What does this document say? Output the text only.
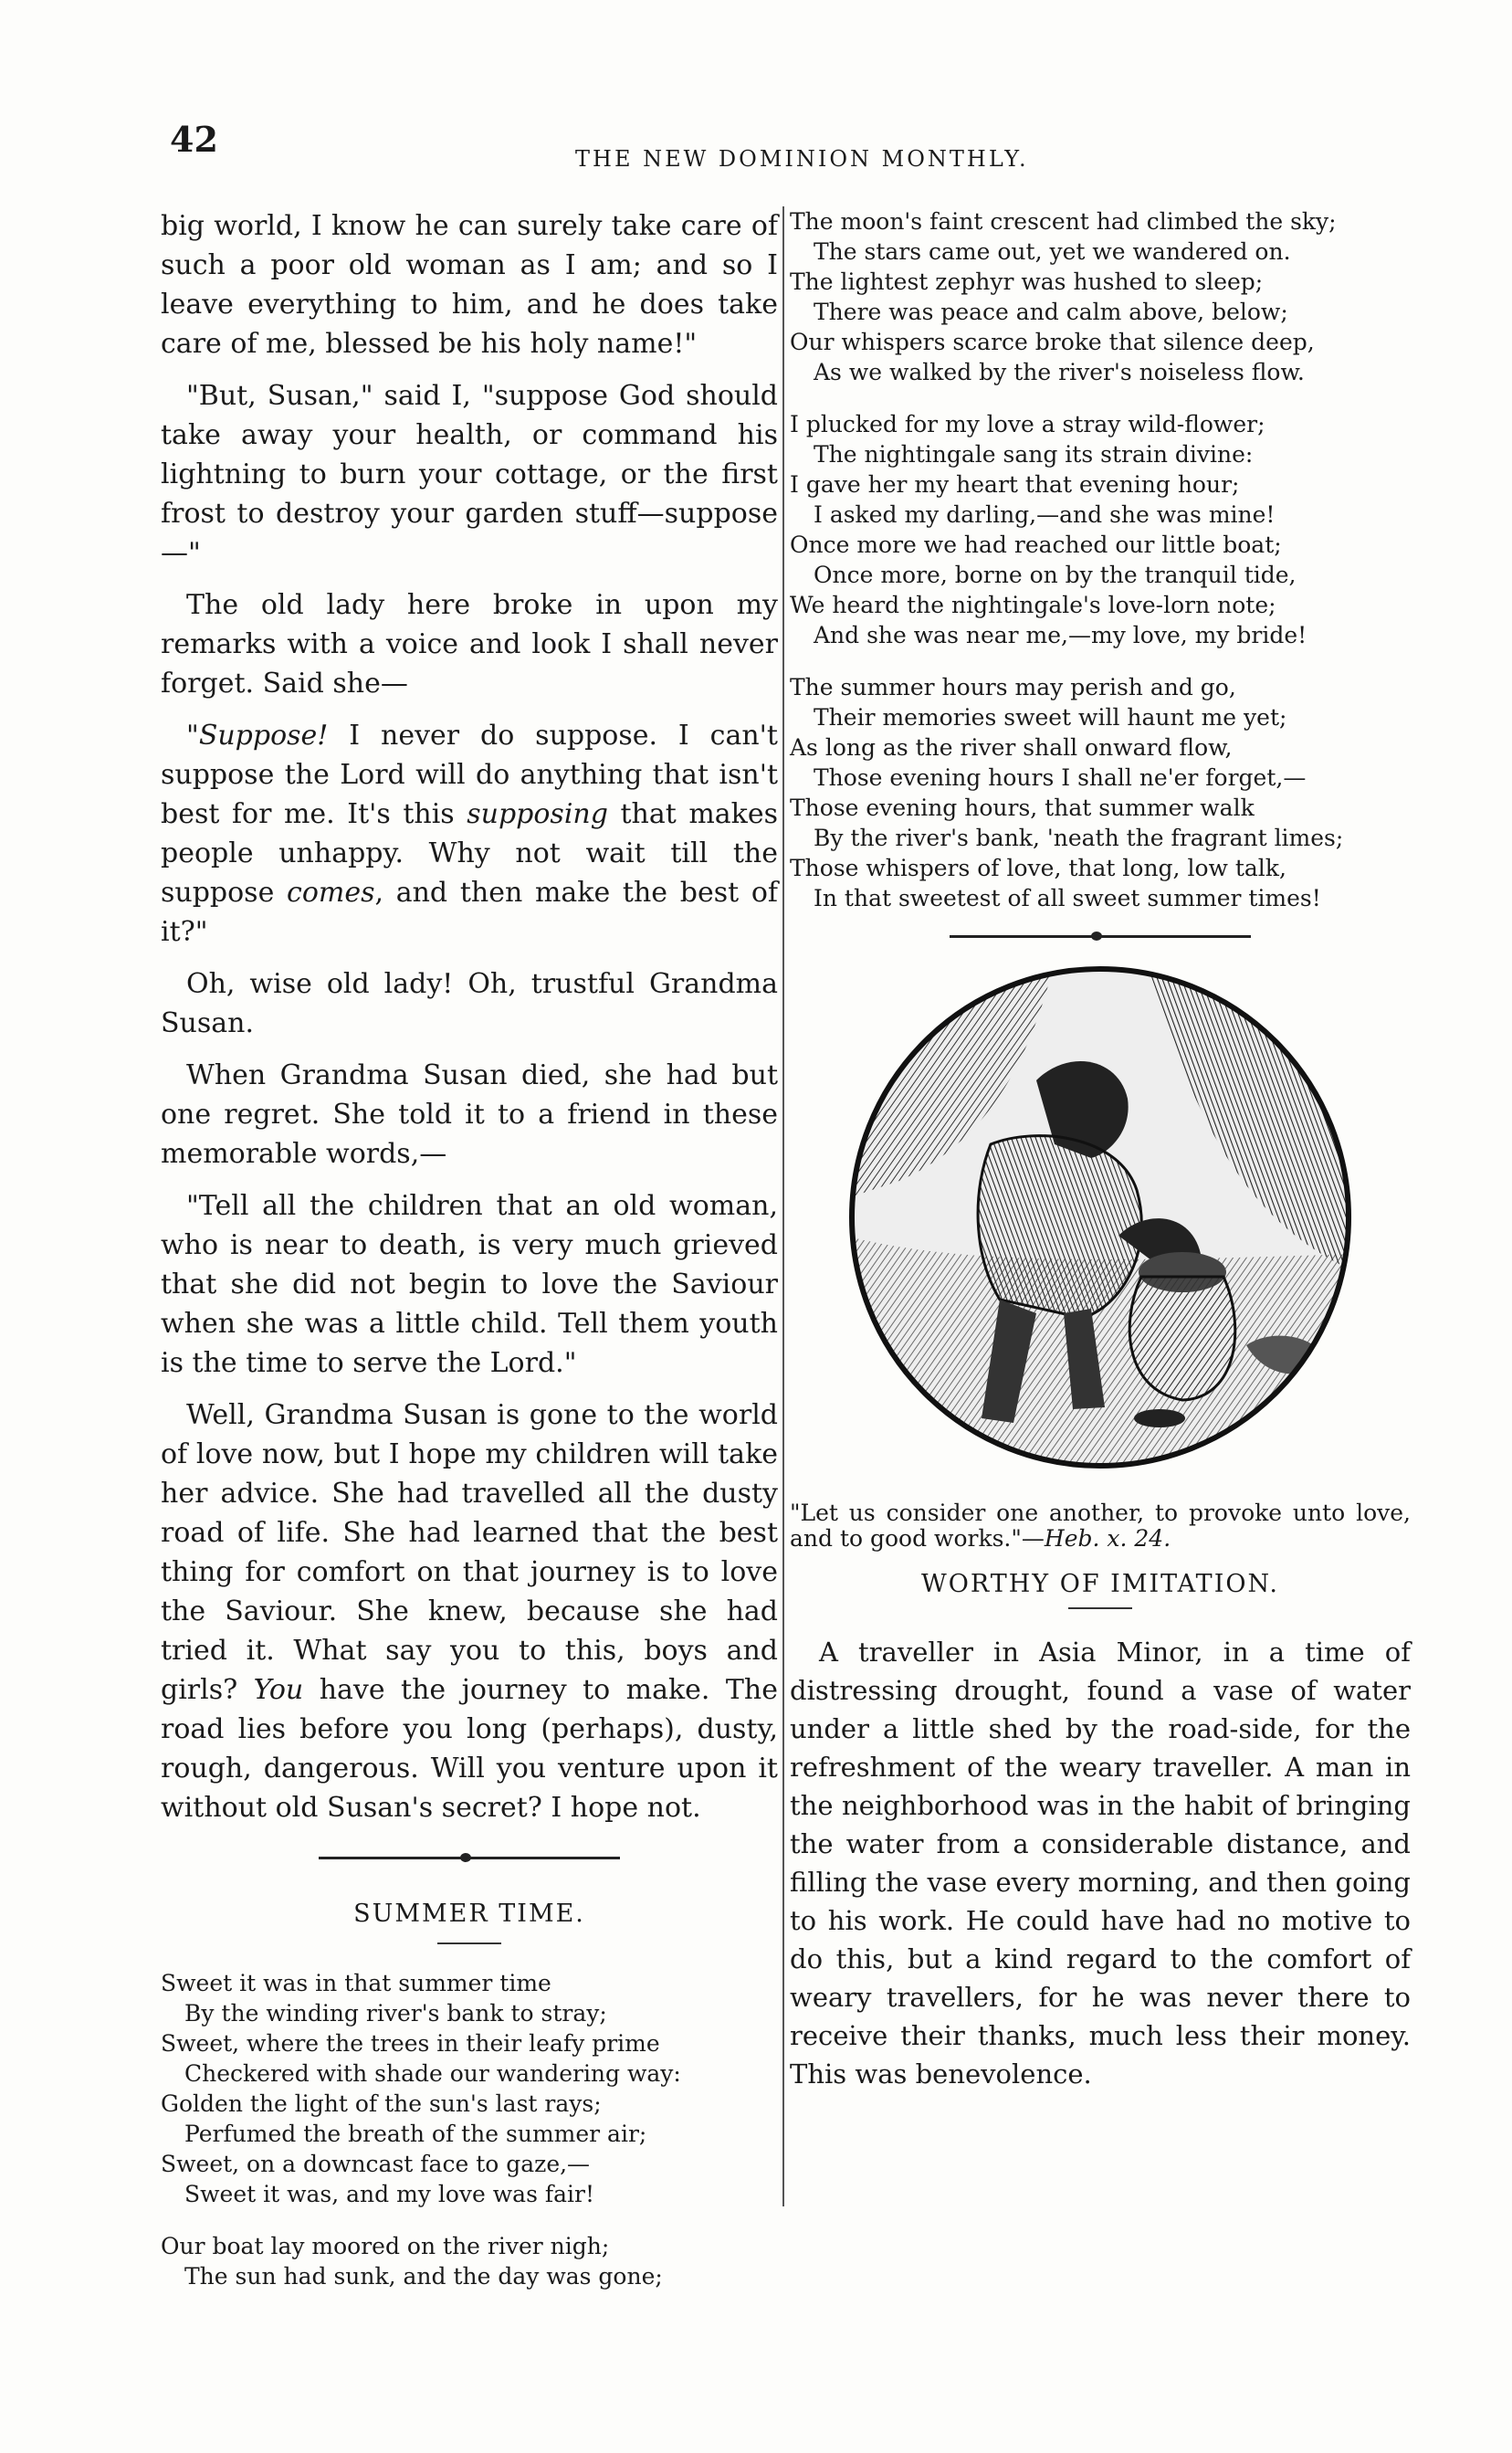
42	THE NEW DOMINION MONTHLY.

big world, I know he can surely take care of such a poor old woman as I am; and so I leave everything to him, and he does take care of me, blessed be his holy name!"

"But, Susan," said I, "suppose God should take away your health, or command his lightning to burn your cottage, or the first frost to destroy your garden stuff—suppose—"

The old lady here broke in upon my remarks with a voice and look I shall never forget. Said she—

"Suppose! I never do suppose. I can't suppose the Lord will do anything that isn't best for me. It's this supposing that makes people unhappy. Why not wait till the suppose comes, and then make the best of it?"

Oh, wise old lady! Oh, trustful Grandma Susan.

When Grandma Susan died, she had but one regret. She told it to a friend in these memorable words,—

"Tell all the children that an old woman, who is near to death, is very much grieved that she did not begin to love the Saviour when she was a little child. Tell them youth is the time to serve the Lord."

Well, Grandma Susan is gone to the world of love now, but I hope my children will take her advice. She had travelled all the dusty road of life. She had learned that the best thing for comfort on that journey is to love the Saviour. She knew, because she had tried it. What say you to this, boys and girls? You have the journey to make. The road lies before you long (perhaps), dusty, rough, dangerous. Will you venture upon it without old Susan's secret? I hope not.

SUMMER TIME.
Sweet it was in that summer time
By the winding river's bank to stray;
Sweet, where the trees in their leafy prime
Checkered with shade our wandering way:
Golden the light of the sun's last rays;
Perfumed the breath of the summer air;
Sweet, on a downcast face to gaze,—
Sweet it was, and my love was fair!
Our boat lay moored on the river nigh;
The sun had sunk, and the day was gone;
The moon's faint crescent had climbed the sky;
The stars came out, yet we wandered on.
The lightest zephyr was hushed to sleep;
There was peace and calm above, below;
Our whispers scarce broke that silence deep,
As we walked by the river's noiseless flow.
I plucked for my love a stray wild-flower;
The nightingale sang its strain divine:
I gave her my heart that evening hour;
I asked my darling,—and she was mine!
Once more we had reached our little boat;
Once more, borne on by the tranquil tide,
We heard the nightingale's love-lorn note;
And she was near me,—my love, my bride!
The summer hours may perish and go,
Their memories sweet will haunt me yet;
As long as the river shall onward flow,
Those evening hours I shall ne'er forget,—
Those evening hours, that summer walk
By the river's bank, 'neath the fragrant limes;
Those whispers of love, that long, low talk,
In that sweetest of all sweet summer times!

"Let us consider one another, to provoke unto love, and to good works."—Heb. x. 24.

WORTHY OF IMITATION.

A traveller in Asia Minor, in a time of distressing drought, found a vase of water under a little shed by the road-side, for the refreshment of the weary traveller. A man in the neighborhood was in the habit of bringing the water from a considerable distance, and filling the vase every morning, and then going to his work. He could have had no motive to do this, but a kind regard to the comfort of weary travellers, for he was never there to receive their thanks, much less their money. This was benevolence.
